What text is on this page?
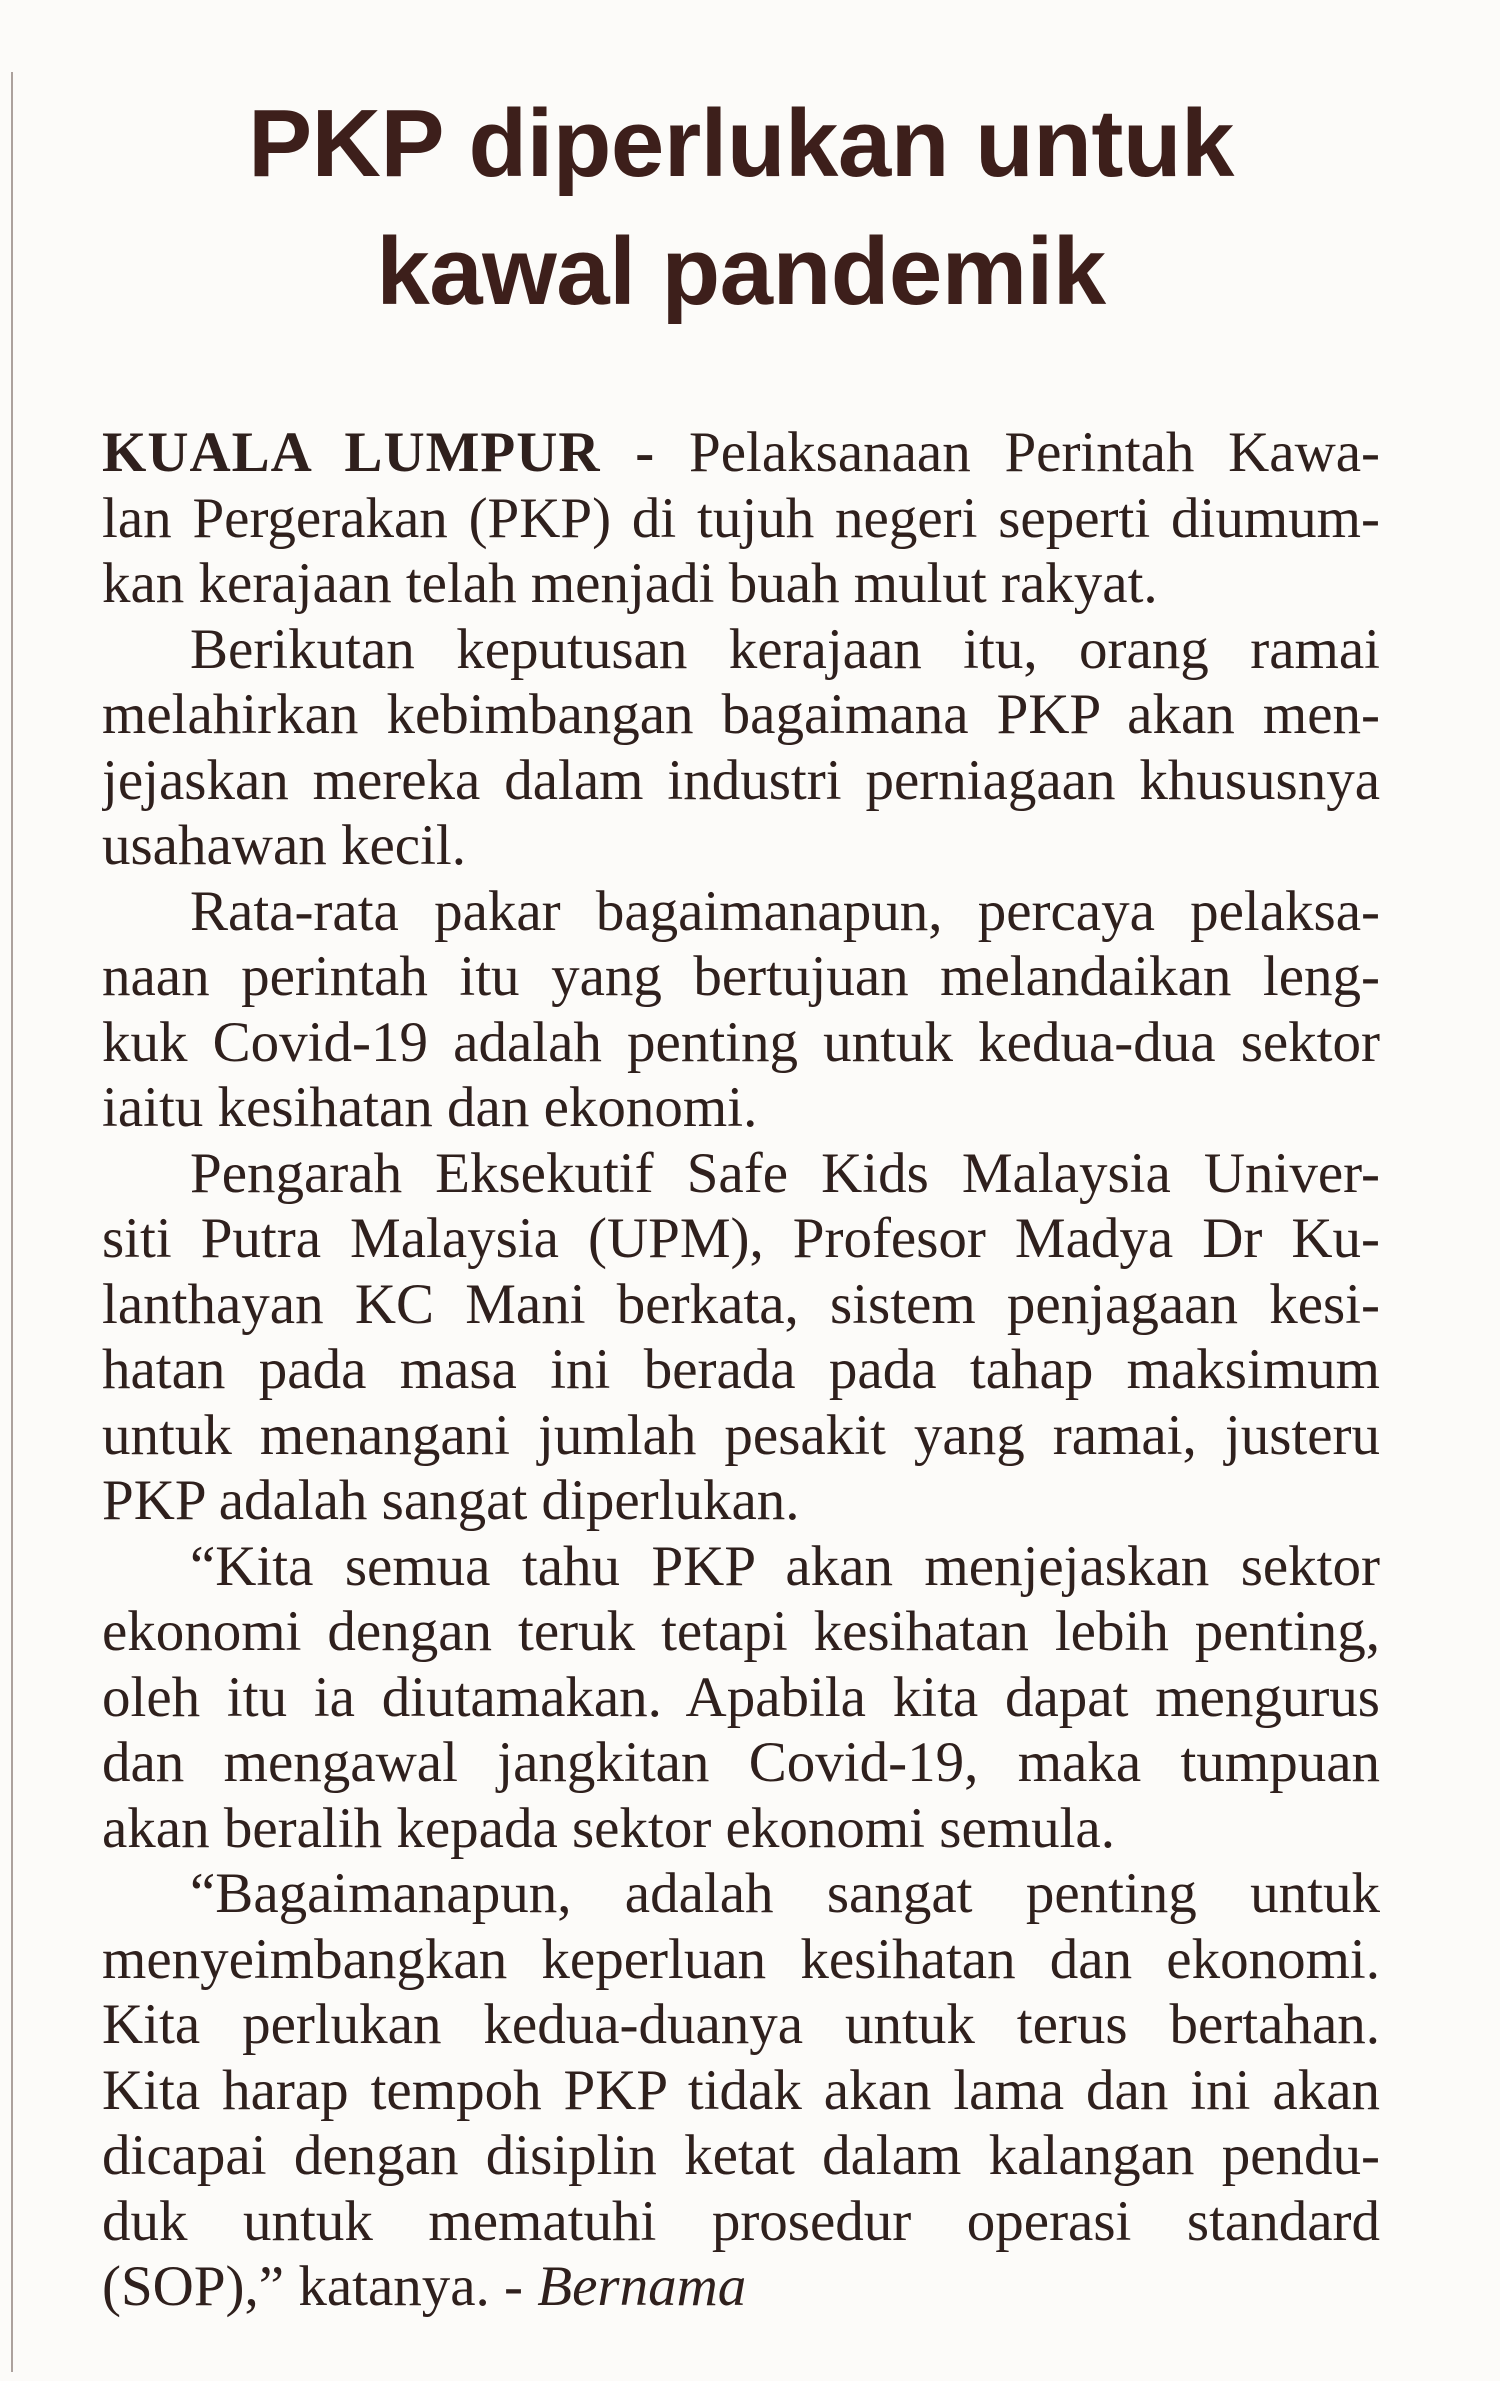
PKP diperlukan untuk
kawal pandemik
KUALA LUMPUR - Pelaksanaan Perintah Kawa-
lan Pergerakan (PKP) di tujuh negeri seperti diumum-
kan kerajaan telah menjadi buah mulut rakyat.
Berikutan keputusan kerajaan itu, orang ramai
melahirkan kebimbangan bagaimana PKP akan men-
jejaskan mereka dalam industri perniagaan khususnya
usahawan kecil.
Rata-rata pakar bagaimanapun, percaya pelaksa-
naan perintah itu yang bertujuan melandaikan leng-
kuk Covid-19 adalah penting untuk kedua-dua sektor
iaitu kesihatan dan ekonomi.
Pengarah Eksekutif Safe Kids Malaysia Univer-
siti Putra Malaysia (UPM), Profesor Madya Dr Ku-
lanthayan KC Mani berkata, sistem penjagaan kesi-
hatan pada masa ini berada pada tahap maksimum
untuk menangani jumlah pesakit yang ramai, justeru
PKP adalah sangat diperlukan.
“Kita semua tahu PKP akan menjejaskan sektor
ekonomi dengan teruk tetapi kesihatan lebih penting,
oleh itu ia diutamakan. Apabila kita dapat mengurus
dan mengawal jangkitan Covid-19, maka tumpuan
akan beralih kepada sektor ekonomi semula.
“Bagaimanapun, adalah sangat penting untuk
menyeimbangkan keperluan kesihatan dan ekonomi.
Kita perlukan kedua-duanya untuk terus bertahan.
Kita harap tempoh PKP tidak akan lama dan ini akan
dicapai dengan disiplin ketat dalam kalangan pendu-
duk untuk mematuhi prosedur operasi standard
(SOP),” katanya. - Bernama
